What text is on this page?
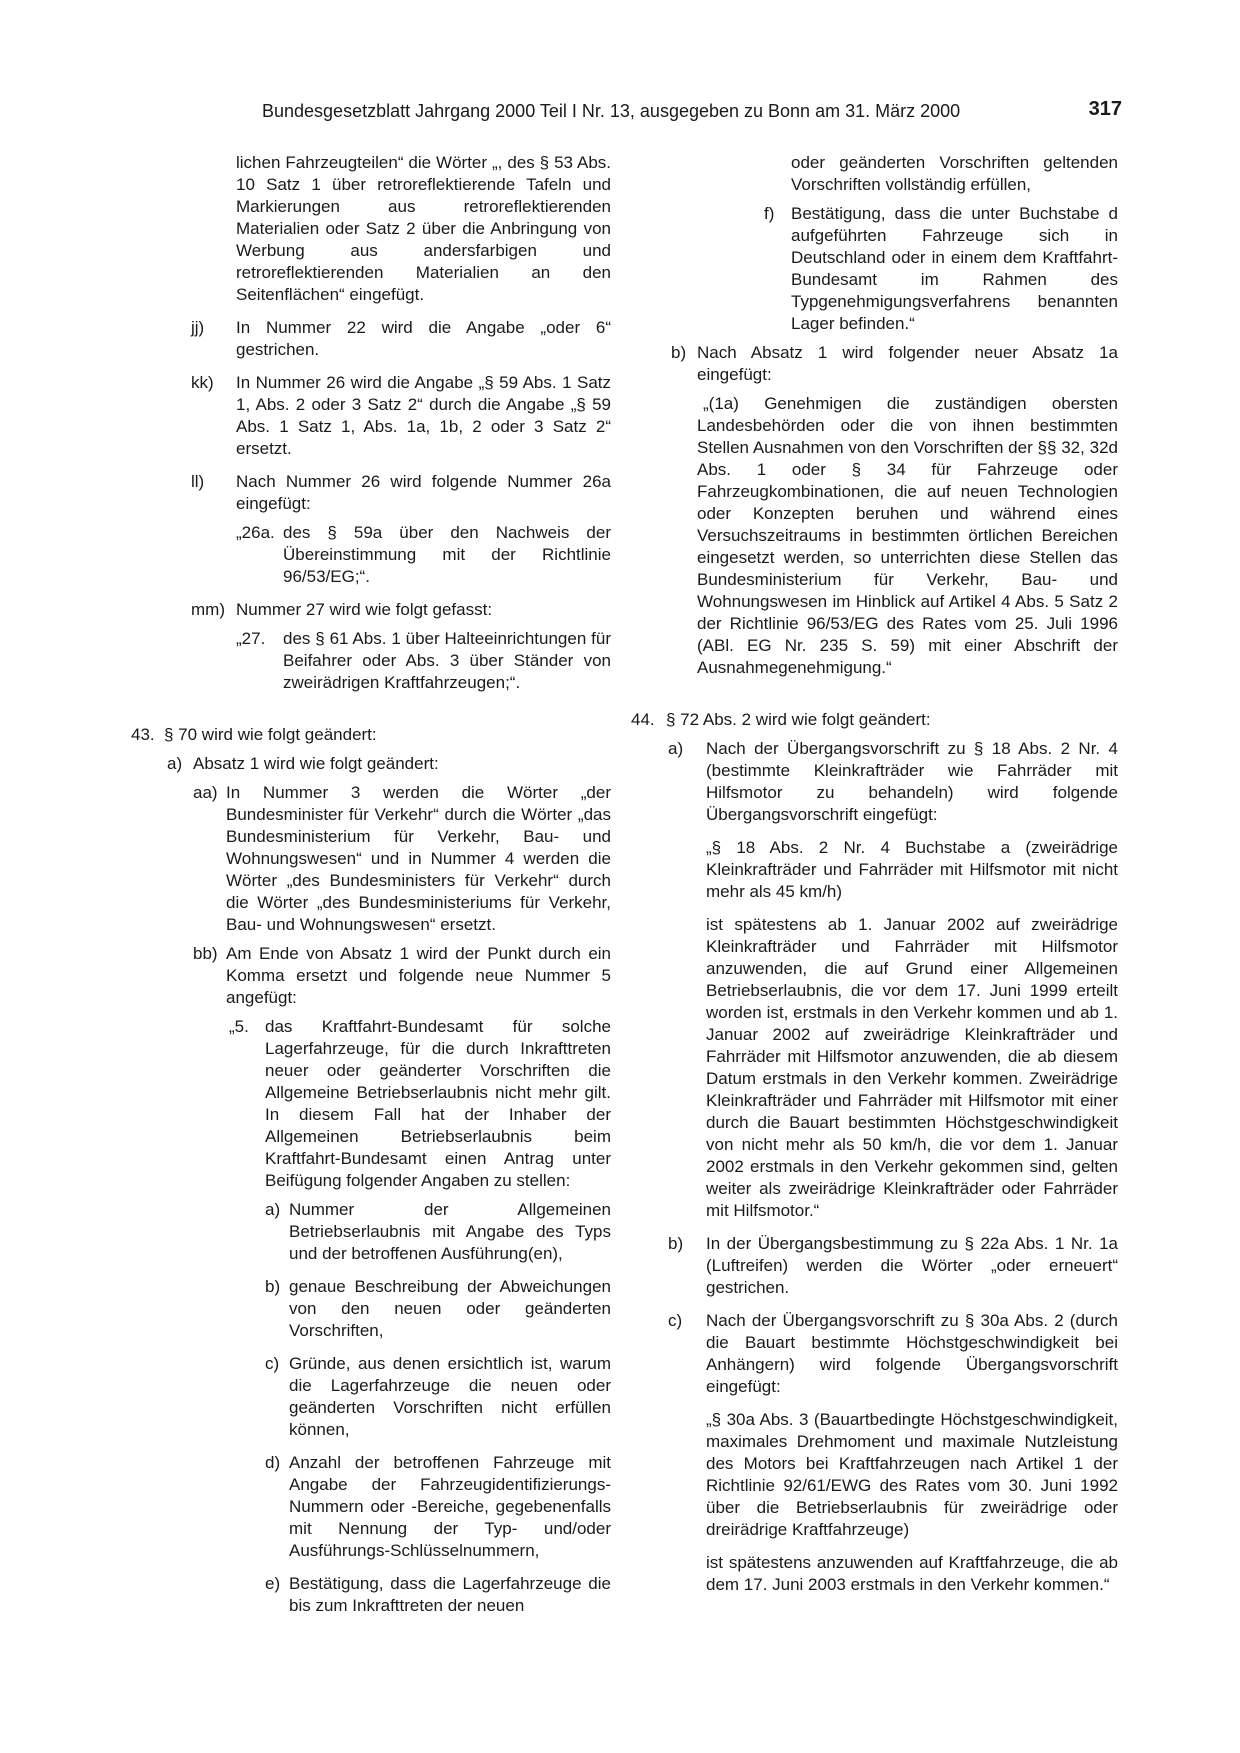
Bundesgesetzblatt Jahrgang 2000 Teil I Nr. 13, ausgegeben zu Bonn am 31. März 2000	317

lichen Fahrzeugteilen“ die Wörter „, des § 53 Abs. 10 Satz 1 über retroreflektierende Tafeln und Markierungen aus retroreflektierenden Materialien oder Satz 2 über die Anbringung von Werbung aus andersfarbigen und retroreflektierenden Materialien an den Seitenflächen“ eingefügt.

jj) In Nummer 22 wird die Angabe „oder 6“ gestrichen.

kk) In Nummer 26 wird die Angabe „§ 59 Abs. 1 Satz 1, Abs. 2 oder 3 Satz 2“ durch die Angabe „§ 59 Abs. 1 Satz 1, Abs. 1a, 1b, 2 oder 3 Satz 2“ ersetzt.

ll) Nach Nummer 26 wird folgende Nummer 26a eingefügt:

„26a. des § 59a über den Nachweis der Übereinstimmung mit der Richtlinie 96/53/EG;“.

mm) Nummer 27 wird wie folgt gefasst:

„27. des § 61 Abs. 1 über Halteeinrichtungen für Beifahrer oder Abs. 3 über Ständer von zweirädrigen Kraftfahrzeugen;“.

43. § 70 wird wie folgt geändert:

a) Absatz 1 wird wie folgt geändert:

aa) In Nummer 3 werden die Wörter „der Bundesminister für Verkehr“ durch die Wörter „das Bundesministerium für Verkehr, Bau- und Wohnungswesen“ und in Nummer 4 werden die Wörter „des Bundesministers für Verkehr“ durch die Wörter „des Bundesministeriums für Verkehr, Bau- und Wohnungswesen“ ersetzt.

bb) Am Ende von Absatz 1 wird der Punkt durch ein Komma ersetzt und folgende neue Nummer 5 angefügt:

„5. das Kraftfahrt-Bundesamt für solche Lagerfahrzeuge, für die durch Inkrafttreten neuer oder geänderter Vorschriften die Allgemeine Betriebserlaubnis nicht mehr gilt. In diesem Fall hat der Inhaber der Allgemeinen Betriebserlaubnis beim Kraftfahrt-Bundesamt einen Antrag unter Beifügung folgender Angaben zu stellen:

a) Nummer der Allgemeinen Betriebserlaubnis mit Angabe des Typs und der betroffenen Ausführung(en),

b) genaue Beschreibung der Abweichungen von den neuen oder geänderten Vorschriften,

c) Gründe, aus denen ersichtlich ist, warum die Lagerfahrzeuge die neuen oder geänderten Vorschriften nicht erfüllen können,

d) Anzahl der betroffenen Fahrzeuge mit Angabe der Fahrzeugidentifizierungs-Nummern oder -Bereiche, gegebenenfalls mit Nennung der Typ- und/oder Ausführungs-Schlüsselnummern,

e) Bestätigung, dass die Lagerfahrzeuge die bis zum Inkrafttreten der neuen

oder geänderten Vorschriften geltenden Vorschriften vollständig erfüllen,

f) Bestätigung, dass die unter Buchstabe d aufgeführten Fahrzeuge sich in Deutschland oder in einem dem Kraftfahrt-Bundesamt im Rahmen des Typgenehmigungsverfahrens benannten Lager befinden.“

b) Nach Absatz 1 wird folgender neuer Absatz 1a eingefügt:

„(1a) Genehmigen die zuständigen obersten Landesbehörden oder die von ihnen bestimmten Stellen Ausnahmen von den Vorschriften der §§ 32, 32d Abs. 1 oder § 34 für Fahrzeuge oder Fahrzeugkombinationen, die auf neuen Technologien oder Konzepten beruhen und während eines Versuchszeitraums in bestimmten örtlichen Bereichen eingesetzt werden, so unterrichten diese Stellen das Bundesministerium für Verkehr, Bau- und Wohnungswesen im Hinblick auf Artikel 4 Abs. 5 Satz 2 der Richtlinie 96/53/EG des Rates vom 25. Juli 1996 (ABl. EG Nr. 235 S. 59) mit einer Abschrift der Ausnahmegenehmigung.“

44. § 72 Abs. 2 wird wie folgt geändert:

a) Nach der Übergangsvorschrift zu § 18 Abs. 2 Nr. 4 (bestimmte Kleinkrafträder wie Fahrräder mit Hilfsmotor zu behandeln) wird folgende Übergangsvorschrift eingefügt:

„§ 18 Abs. 2 Nr. 4 Buchstabe a (zweirädrige Kleinkrafträder und Fahrräder mit Hilfsmotor mit nicht mehr als 45 km/h)

ist spätestens ab 1. Januar 2002 auf zweirädrige Kleinkrafträder und Fahrräder mit Hilfsmotor anzuwenden, die auf Grund einer Allgemeinen Betriebserlaubnis, die vor dem 17. Juni 1999 erteilt worden ist, erstmals in den Verkehr kommen und ab 1. Januar 2002 auf zweirädrige Kleinkrafträder und Fahrräder mit Hilfsmotor anzuwenden, die ab diesem Datum erstmals in den Verkehr kommen. Zweirädrige Kleinkrafträder und Fahrräder mit Hilfsmotor mit einer durch die Bauart bestimmten Höchstgeschwindigkeit von nicht mehr als 50 km/h, die vor dem 1. Januar 2002 erstmals in den Verkehr gekommen sind, gelten weiter als zweirädrige Kleinkrafträder oder Fahrräder mit Hilfsmotor.“

b) In der Übergangsbestimmung zu § 22a Abs. 1 Nr. 1a (Luftreifen) werden die Wörter „oder erneuert“ gestrichen.

c) Nach der Übergangsvorschrift zu § 30a Abs. 2 (durch die Bauart bestimmte Höchstgeschwindigkeit bei Anhängern) wird folgende Übergangsvorschrift eingefügt:

„§ 30a Abs. 3 (Bauartbedingte Höchstgeschwindigkeit, maximales Drehmoment und maximale Nutzleistung des Motors bei Kraftfahrzeugen nach Artikel 1 der Richtlinie 92/61/EWG des Rates vom 30. Juni 1992 über die Betriebserlaubnis für zweirädrige oder dreirädrige Kraftfahrzeuge)

ist spätestens anzuwenden auf Kraftfahrzeuge, die ab dem 17. Juni 2003 erstmals in den Verkehr kommen.“
